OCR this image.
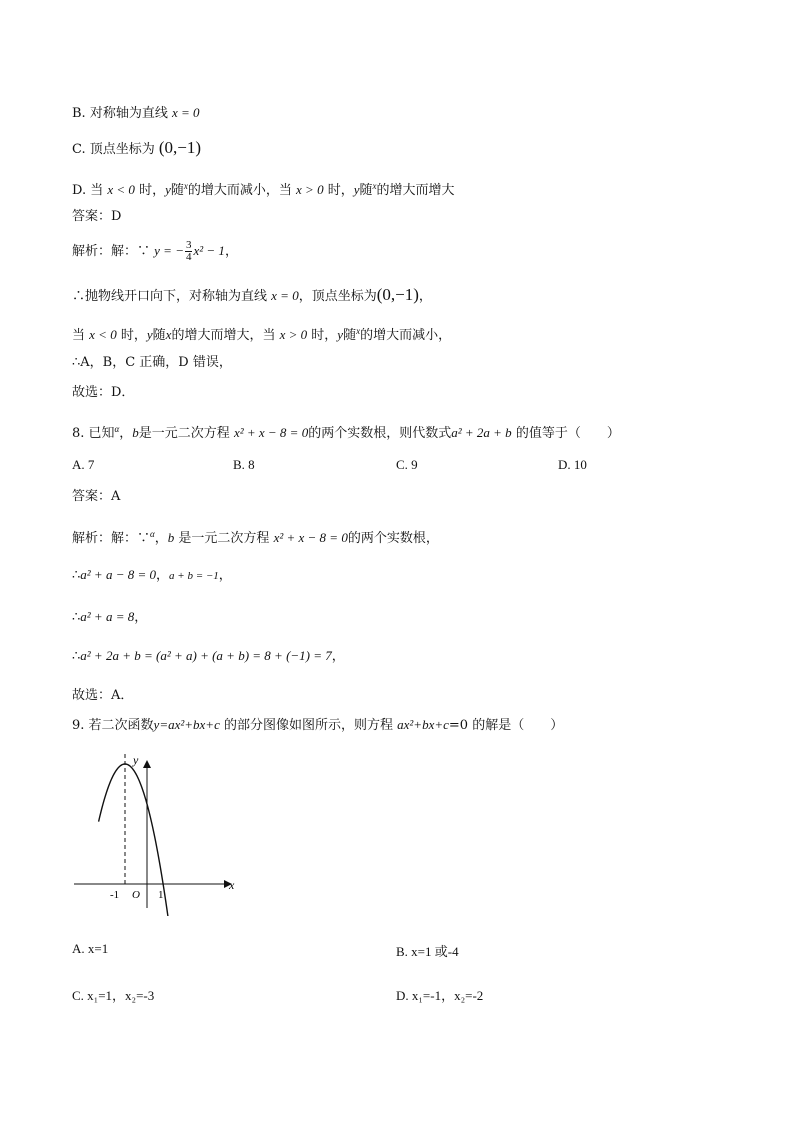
B. 对称轴为直线 x = 0
C. 顶点坐标为 (0,−1)
D. 当 x < 0 时，y随$^x$的增大而减小，当 x > 0 时，y随$^x$的增大而增大
答案：D
解析：解：∵ y = − $\frac{3}{4} x^2 - 1$，
∴抛物线开口向下，对称轴为直线 x = 0，顶点坐标为(0,−1)，
当 x < 0 时，y随x的增大而增大，当 x > 0 时，y随$^x$的增大而减小，
∴A，B，C 正确，D 错误，
故选：D．
8. 已知$^\alpha$，b是一元二次方程 x² + x − 8 = 0的两个实数根，则代数式a² + 2a + b 的值等于（　　）
A. 7	B. 8	C. 9	D. 10
答案：A
解析：解：∵$^\alpha$，b 是一元二次方程 x² + x − 8 = 0的两个实数根，
∴a² + a − 8 = 0，a + b = −1，
∴a² + a = 8，
∴a² + 2a + b = (a² + a) + (a + b) = 8 + (−1) = 7，
故选：A．
9. 若二次函数y=ax²+bx+c 的部分图像如图所示，则方程 ax²+bx+c=0 的解是（　　）
y
x
-1 O 1
A. x=1	B. x=1 或-4
C. x₁=1，x₂=-3	D. x₁=-1，x₂=-2
